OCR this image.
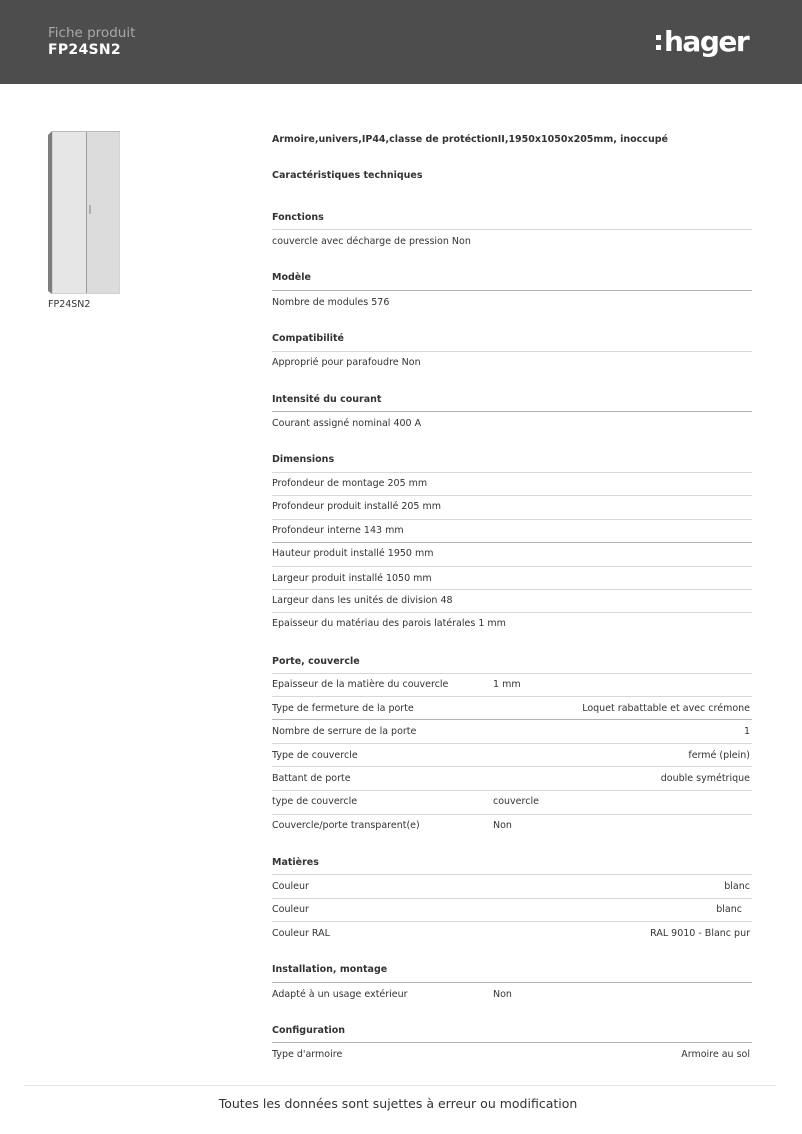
Fiche produit
FP24SN2	hager
FP24SN2
Armoire,univers,IP44,classe de protéctionII,1950x1050x205mm, inoccupé
Caractéristiques techniques
Fonctions
couvercle avec décharge de pression Non
Modèle
Nombre de modules 576
Compatibilité
Approprié pour parafoudre Non
Intensité du courant
Courant assigné nominal 400 A
Dimensions
Profondeur de montage 205 mm
Profondeur produit installé 205 mm
Profondeur interne 143 mm
Hauteur produit installé 1950 mm
Largeur produit installé 1050 mm
Largeur dans les unités de division 48
Epaisseur du matériau des parois latérales 1 mm
Porte, couvercle
Epaisseur de la matière du couvercle	1 mm
Type de fermeture de la porte	Loquet rabattable et avec crémone
Nombre de serrure de la porte	1
Type de couvercle	fermé (plein)
Battant de porte	double symétrique
type de couvercle	couvercle
Couvercle/porte transparent(e)	Non
Matières
Couleur	blanc
Couleur	blanc
Couleur RAL	RAL 9010 - Blanc pur
Installation, montage
Adapté à un usage extérieur	Non
Configuration
Type d'armoire	Armoire au sol
Toutes les données sont sujettes à erreur ou modification
